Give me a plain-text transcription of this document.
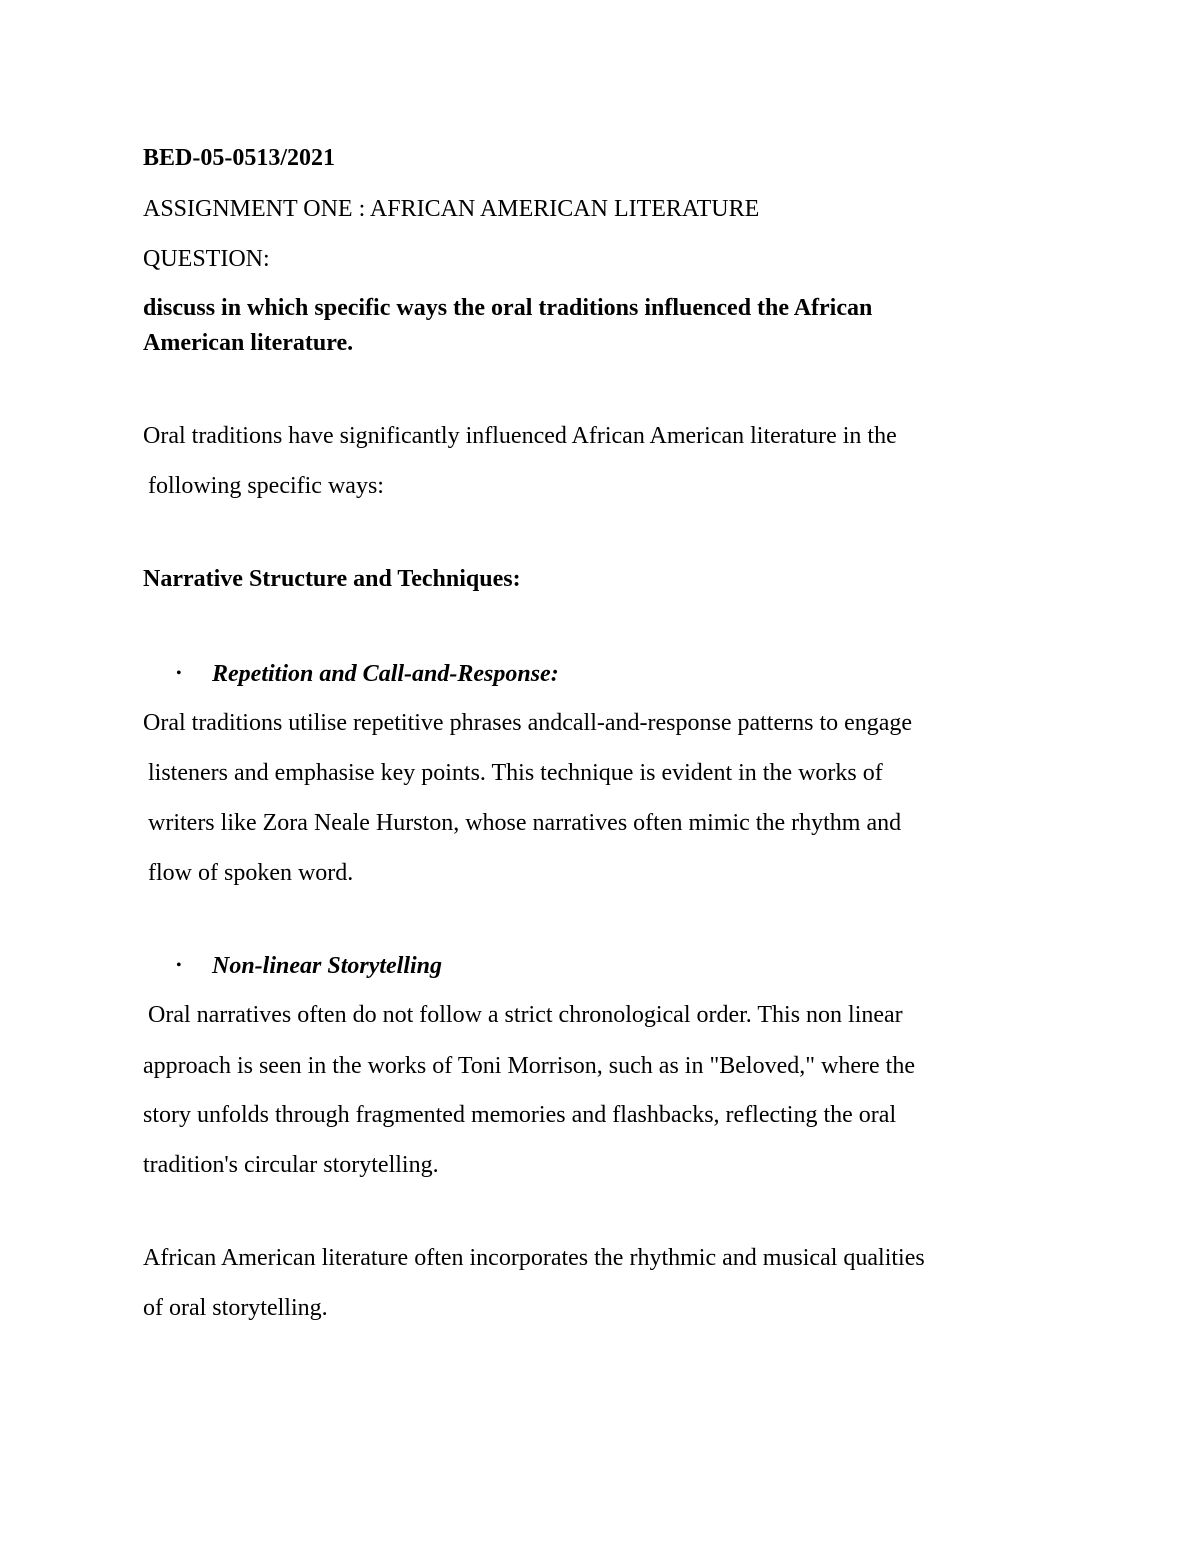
BED-05-0513/2021
ASSIGNMENT ONE : AFRICAN AMERICAN LITERATURE
QUESTION:
discuss in which specific ways the oral traditions influenced the African
American literature.
Oral traditions have significantly influenced African American literature in the
following specific ways:
Narrative Structure and Techniques:
• Repetition and Call-and-Response:
Oral traditions utilise repetitive phrases andcall-and-response patterns to engage
listeners and emphasise key points. This technique is evident in the works of
writers like Zora Neale Hurston, whose narratives often mimic the rhythm and
flow of spoken word.
• Non-linear Storytelling
Oral narratives often do not follow a strict chronological order. This non linear
approach is seen in the works of Toni Morrison, such as in "Beloved," where the
story unfolds through fragmented memories and flashbacks, reflecting the oral
tradition's circular storytelling.
African American literature often incorporates the rhythmic and musical qualities
of oral storytelling.
